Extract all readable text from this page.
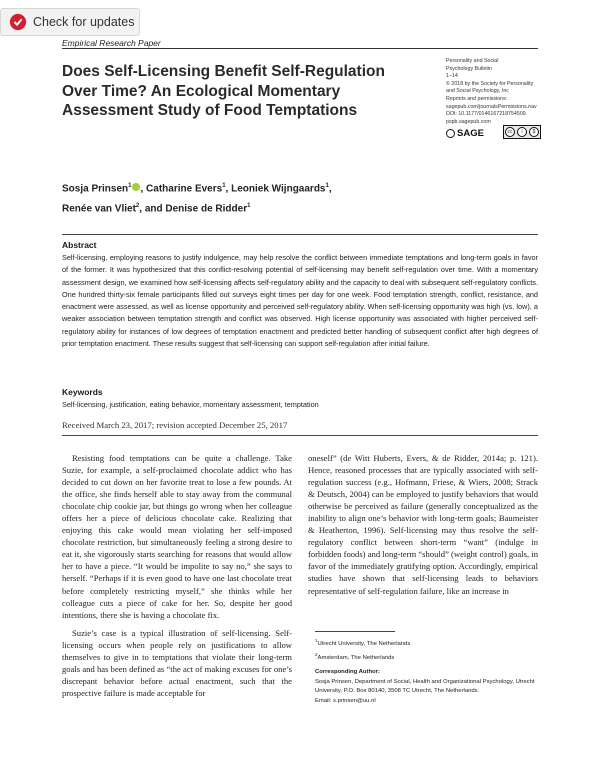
Check for updates
Empirical Research Paper
Does Self-Licensing Benefit Self-Regulation Over Time? An Ecological Momentary Assessment Study of Food Temptations
Personality and Social
Psychology Bulletin
1–14
© 2018 by the Society for Personality
and Social Psychology, Inc
Reprints and permissions:
sagepub.com/journalsPermissions.nav
DOI: 10.1177/0146167218754509
pspb.sagepub.com
SAGE	cc	i	$
Sosja Prinsen$^1$ , Catharine Evers$^1$, Leoniek Wijngaards$^1$,
Renée van Vliet$^2$, and Denise de Ridder$^1$
Abstract
Self-licensing, employing reasons to justify indulgence, may help resolve the conflict between immediate temptations and long-term goals in favor of the former. It was hypothesized that this conflict-resolving potential of self-licensing may benefit self-regulation over time. With a momentary assessment design, we examined how self-licensing affects self-regulatory ability and the capacity to deal with subsequent self-regulatory conflicts. One hundred thirty-six female participants filled out surveys eight times per day for one week. Food temptation strength, conflict, resistance, and enactment were assessed, as well as license opportunity and perceived self-regulatory ability. When self-licensing opportunity was high (vs. low), a weaker association between temptation strength and conflict was observed. High license opportunity was associated with higher perceived self-regulatory ability for instances of low degrees of temptation enactment and predicted better handling of subsequent conflict after high degrees of prior temptation enactment. These results suggest that self-licensing can support self-regulation after initial failure.
Keywords
Self-licensing, justification, eating behavior, momentary assessment, temptation
Received March 23, 2017; revision accepted December 25, 2017

Resisting food temptations can be quite a challenge. Take Suzie, for example, a self-proclaimed chocolate addict who has decided to cut down on her favorite treat to lose a few pounds. At the office, she finds herself able to stay away from the communal chocolate chip cookie jar, but things go wrong when her colleague offers her a piece of delicious chocolate cake. Realizing that enjoying this cake would mean violating her self-imposed chocolate restriction, but simultaneously feeling a strong desire to eat it, she vigorously starts searching for reasons that would allow her to have a piece. “It would be impolite to say no,” she says to herself. “Perhaps if it is even good to have one last chocolate treat before completely restricting myself,” she thinks while her colleague cuts a piece of cake for her. So, despite her good intentions, there she is having a chocolate fix.

Suzie’s case is a typical illustration of self-licensing. Self-licensing occurs when people rely on justifications to allow themselves to give in to temptations that violate their long-term goals and has been defined as “the act of making excuses for one’s discrepant behavior before actual enactment, such that the prospective failure is made acceptable for

oneself” (de Witt Huberts, Evers, & de Ridder, 2014a; p. 121). Hence, reasoned processes that are typically associated with self-regulation success (e.g., Hofmann, Friese, & Wiers, 2008; Strack & Deutsch, 2004) can be employed to justify behaviors that would otherwise be perceived as failure (generally conceptualized as the inability to align one’s behavior with long-term goals; Baumeister & Heatherton, 1996). Self-licensing may thus resolve the self-regulatory conflict between short-term “want” (indulge in forbidden foods) and long-term “should” (weight control) goals, in favor of the immediately gratifying option. Accordingly, empirical studies have shown that self-licensing leads to behaviors representative of self-regulation failure, like an increase in

$^1$Utrecht University, The Netherlands
$^2$Amsterdam, The Netherlands
Corresponding Author:
Sosja Prinsen, Department of Social, Health and Organizational Psychology, Utrecht University, P.O. Box 80140, 3508 TC Utrecht, The Netherlands.
Email: s.prinsen@uu.nl
